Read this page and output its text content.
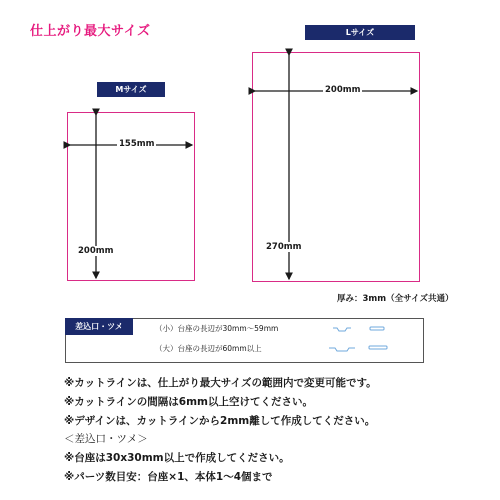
仕上がり最大サイズ
Mサイズ
Lサイズ
155mm
200mm
200mm
270mm
厚み：3mm（全サイズ共通）
差込口・ツメ	（小）台座の長辺が30mm〜59mm
（大）台座の長辺が60mm以上
※カットラインは、仕上がり最大サイズの範囲内で変更可能です。
※カットラインの間隔は6mm以上空けてください。
※デザインは、カットラインから2mm離して作成してください。
＜差込口・ツメ＞
※台座は30x30mm以上で作成してください。
※パーツ数目安：台座×1、本体1〜4個まで
